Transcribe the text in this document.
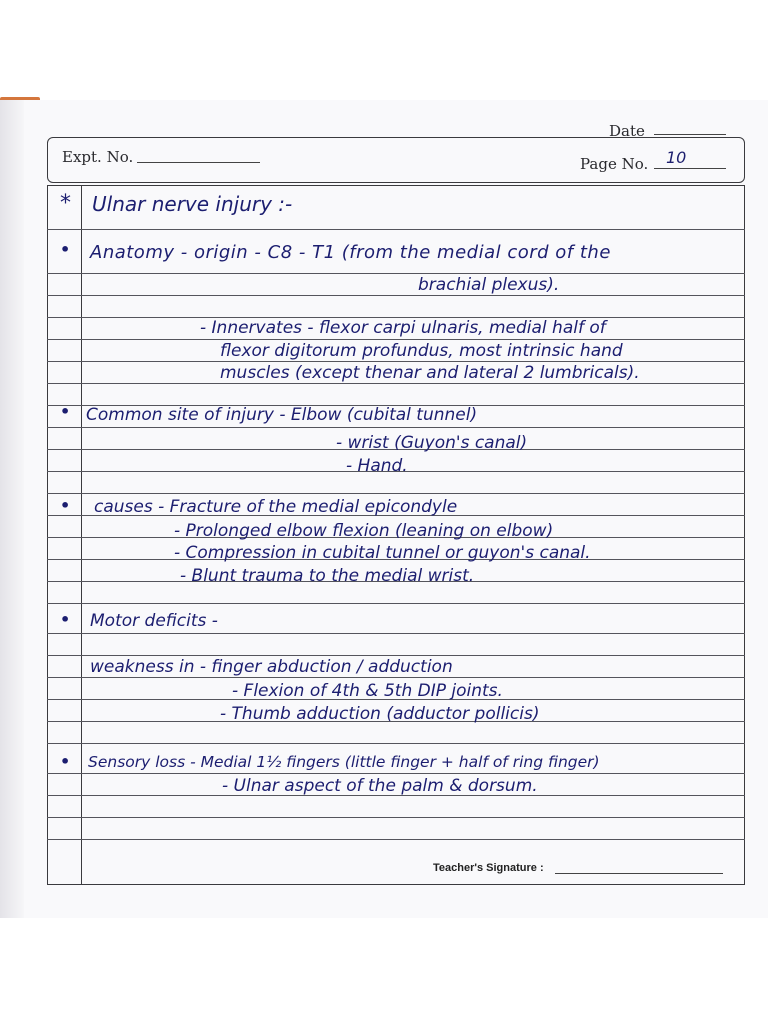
Date
Expt. No.	Page No. 10
* Ulnar nerve injury :-
• Anatomy - origin - C8 - T1 (from the medial cord of the
brachial plexus).
- Innervates - flexor carpi ulnaris, medial half of
flexor digitorum profundus, most intrinsic hand
muscles (except thenar and lateral 2 lumbricals).
• Common site of injury - Elbow (cubital tunnel)
- wrist (Guyon's canal)
- Hand.
• causes - Fracture of the medial epicondyle
- Prolonged elbow flexion (leaning on elbow)
- Compression in cubital tunnel or guyon's canal.
- Blunt trauma to the medial wrist.
• Motor deficits -
weakness in - finger abduction / adduction
- Flexion of 4th & 5th DIP joints.
- Thumb adduction (adductor pollicis)
• Sensory loss - Medial 1½ fingers (little finger + half of ring finger)
- Ulnar aspect of the palm & dorsum.
Teacher's Signature :
